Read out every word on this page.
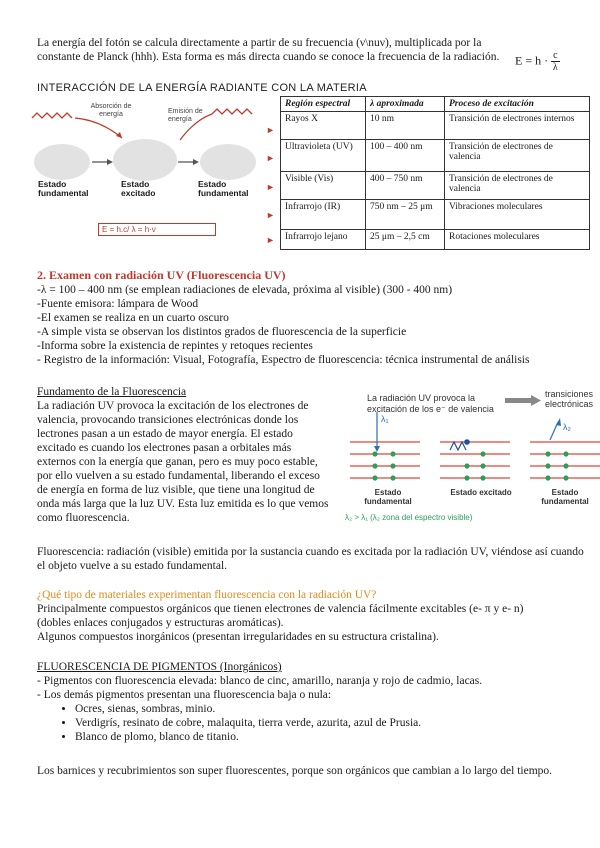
La energía del fotón se calcula directamente a partir de su frecuencia (ν\nuν), multiplicada por la constante de Planck (hhh). Esta forma es más directa cuando se conoce la frecuencia de la radiación. $E = h \cdot \frac{c}{\lambda}$
INTERACCIÓN DE LA ENERGÍA RADIANTE CON LA MATERIA
Absorción de energía	Emisión de energía
Estado fundamental
Estado excitado
Estado fundamental
E = h.c/ λ = h·ν
►
►
►
►
►
Región espectral	λ aproximada	Proceso de excitación
Rayos X	10 nm	Transición de electrones internos
Ultravioleta (UV)	100 – 400 nm	Transición de electrones de valencia
Visible (Vis)	400 – 750 nm	Transición de electrones de valencia
Infrarrojo (IR)	750 nm – 25 μm	Vibraciones moleculares
Infrarrojo lejano	25 μm – 2,5 cm	Rotaciones moleculares
2. Examen con radiación UV (Fluorescencia UV)
-λ = 100 – 400 nm (se emplean radiaciones de elevada, próxima al visible) (300 - 400 nm)
-Fuente emisora: lámpara de Wood
-El examen se realiza en un cuarto oscuro
-A simple vista se observan los distintos grados de fluorescencia de la superficie
-Informa sobre la existencia de repintes y retoques recientes
- Registro de la información: Visual, Fotografía, Espectro de fluorescencia: técnica instrumental de análisis
Fundamento de la Fluorescencia
La radiación UV provoca la excitación de los electrones de valencia, provocando transiciones electrónicas donde los lectrones pasan a un estado de mayor energía. El estado excitado es cuando los electrones pasan a orbitales más externos con la energía que ganan, pero es muy poco estable, por ello vuelven a su estado fundamental, liberando el exceso de energía en forma de luz visible, que tiene una longitud de onda más larga que la luz UV. Esta luz emitida es lo que vemos como fluorescencia.
La radiación UV provoca la excitación de los e⁻ de valencia
transiciones electrónicas
λ₁
λ₂
Estado fundamental
Estado excitado	Estado fundamental
λ₂ > λ₁ (λ₂ zona del espectro visible)
Fluorescencia: radiación (visible) emitida por la sustancia cuando es excitada por la radiación UV, viéndose así cuando el objeto vuelve a su estado fundamental.
¿Qué tipo de materiales experimentan fluorescencia con la radiación UV?
Principalmente compuestos orgánicos que tienen electrones de valencia fácilmente excitables (e- π y e- n)
(dobles enlaces conjugados y estructuras aromáticas).
Algunos compuestos inorgánicos (presentan irregularidades en su estructura cristalina).
FLUORESCENCIA DE PIGMENTOS (Inorgánicos)
- Pigmentos con fluorescencia elevada: blanco de cinc, amarillo, naranja y rojo de cadmio, lacas.
- Los demás pigmentos presentan una fluorescencia baja o nula:
• Ocres, sienas, sombras, minio.
• Verdigrís, resinato de cobre, malaquita, tierra verde, azurita, azul de Prusia.
• Blanco de plomo, blanco de titanio.
Los barnices y recubrimientos son super fluorescentes, porque son orgánicos que cambian a lo largo del tiempo.
